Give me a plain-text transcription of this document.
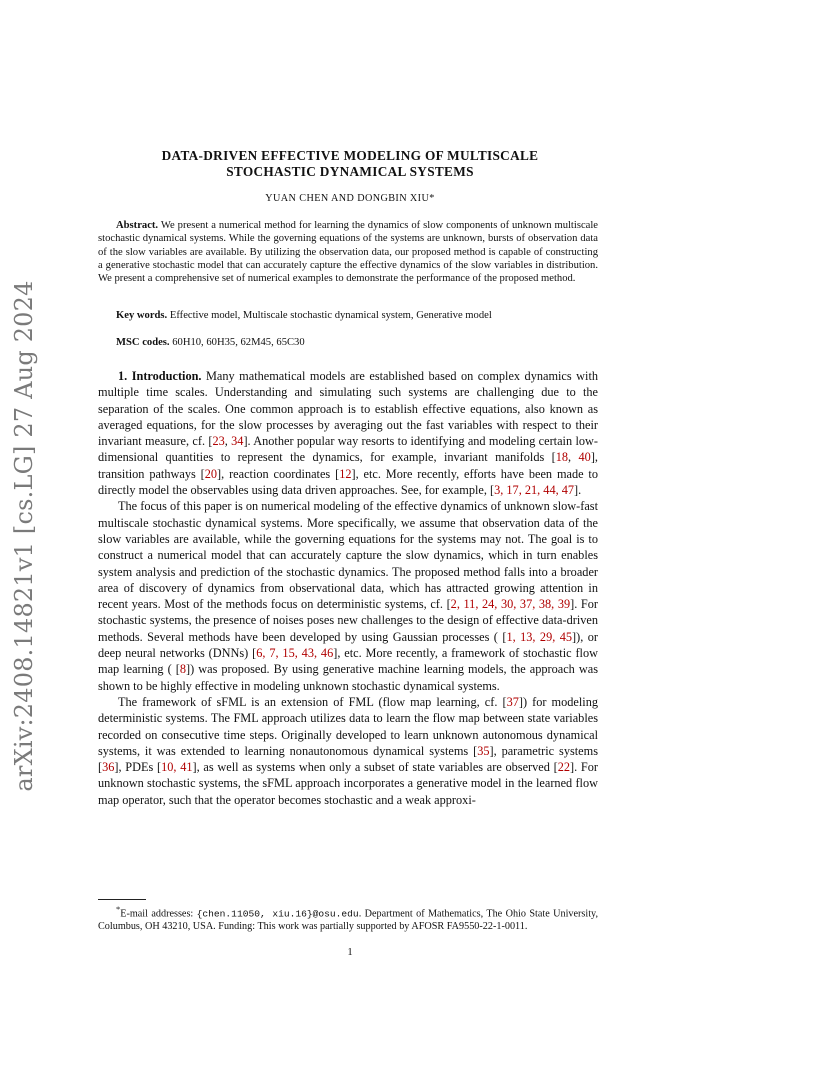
arXiv:2408.14821v1 [cs.LG] 27 Aug 2024
DATA-DRIVEN EFFECTIVE MODELING OF MULTISCALE
STOCHASTIC DYNAMICAL SYSTEMS
YUAN CHEN AND DONGBIN XIU*
Abstract. We present a numerical method for learning the dynamics of slow components of unknown multiscale stochastic dynamical systems. While the governing equations of the systems are unknown, bursts of observation data of the slow variables are available. By utilizing the observation data, our proposed method is capable of constructing a generative stochastic model that can accurately capture the effective dynamics of the slow variables in distribution. We present a comprehensive set of numerical examples to demonstrate the performance of the proposed method.
Key words. Effective model, Multiscale stochastic dynamical system, Generative model
MSC codes. 60H10, 60H35, 62M45, 65C30

1. Introduction. Many mathematical models are established based on complex dynamics with multiple time scales. Understanding and simulating such systems are challenging due to the separation of the scales. One common approach is to establish effective equations, also known as averaged equations, for the slow processes by averaging out the fast variables with respect to their invariant measure, cf. [23, 34]. Another popular way resorts to identifying and modeling certain low-dimensional quantities to represent the dynamics, for example, invariant manifolds [18, 40], transition pathways [20], reaction coordinates [12], etc. More recently, efforts have been made to directly model the observables using data driven approaches. See, for example, [3, 17, 21, 44, 47].

The focus of this paper is on numerical modeling of the effective dynamics of unknown slow-fast multiscale stochastic dynamical systems. More specifically, we assume that observation data of the slow variables are available, while the governing equations for the systems may not. The goal is to construct a numerical model that can accurately capture the slow dynamics, which in turn enables system analysis and prediction of the stochastic dynamics. The proposed method falls into a broader area of discovery of dynamics from observational data, which has attracted growing attention in recent years. Most of the methods focus on deterministic systems, cf. [2, 11, 24, 30, 37, 38, 39]. For stochastic systems, the presence of noises poses new challenges to the design of effective data-driven methods. Several methods have been developed by using Gaussian processes ( [1, 13, 29, 45]), or deep neural networks (DNNs) [6, 7, 15, 43, 46], etc. More recently, a framework of stochastic flow map learning ( [8]) was proposed. By using generative machine learning models, the approach was shown to be highly effective in modeling unknown stochastic dynamical systems.

The framework of sFML is an extension of FML (flow map learning, cf. [37]) for modeling deterministic systems. The FML approach utilizes data to learn the flow map between state variables recorded on consecutive time steps. Originally developed to learn unknown autonomous dynamical systems, it was extended to learning nonautonomous dynamical systems [35], parametric systems [36], PDEs [10, 41], as well as systems when only a subset of state variables are observed [22]. For unknown stochastic systems, the sFML approach incorporates a generative model in the learned flow map operator, such that the operator becomes stochastic and a weak approxi-

*E-mail addresses: {chen.11050, xiu.16}@osu.edu. Department of Mathematics, The Ohio State University, Columbus, OH 43210, USA. Funding: This work was partially supported by AFOSR FA9550-22-1-0011.
1
